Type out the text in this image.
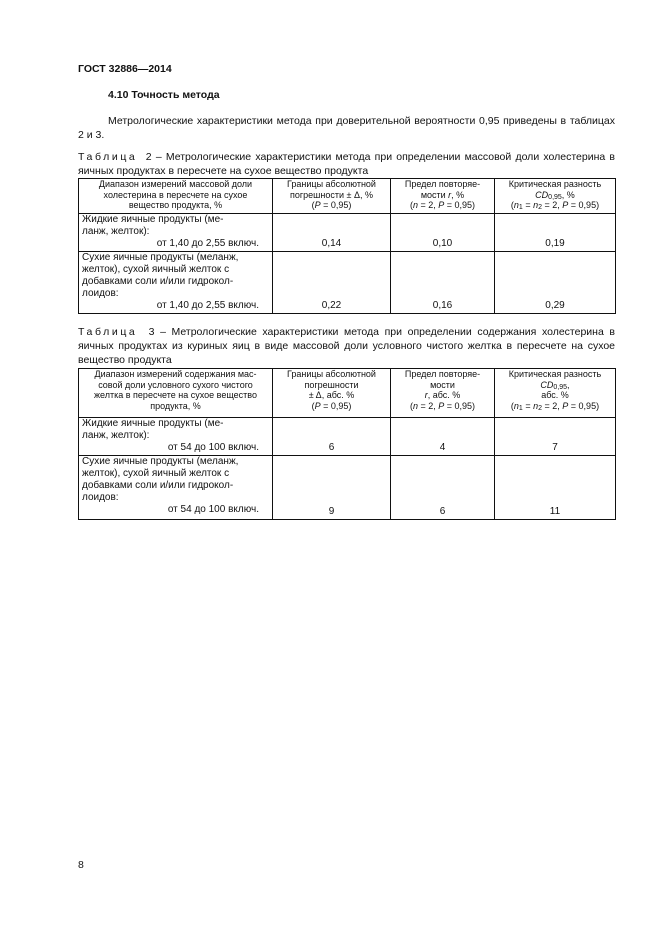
ГОСТ 32886—2014
4.10 Точность метода

Метрологические характеристики метода при доверительной вероятности 0,95 приведены в таблицах 2 и 3.

Таблица 2 – Метрологические характеристики метода при определении массовой доли холестерина в яичных продуктах в пересчете на сухое вещество продукта

Диапазон измерений массовой доли
холестерина в пересчете на сухое
вещество продукта, %	Границы абсолютной
погрешности ± Δ, %
(P = 0,95)	Предел повторяе-
мости r, %
(n = 2, P = 0,95)	Критическая разность
$CD_{0,95}$, %
($n_1 = n_2 = 2$, P = 0,95)

Жидкие яичные продукты (ме-
ланж, желток):
от 1,40 до 2,55 включ.	0,14	0,10	0,19

Сухие яичные продукты (меланж,
желток), сухой яичный желток с
добавками соли и/или гидрокол-
лоидов:
от 1,40 до 2,55 включ.	0,22	0,16	0,29

Таблица 3 – Метрологические характеристики метода при определении содержания холестерина в яичных продуктах из куриных яиц в виде массовой доли условного чистого желтка в пересчете на сухое вещество продукта

Диапазон измерений содержания мас-
совой доли условного сухого чистого
желтка в пересчете на сухое вещество
продукта, %	Границы абсолютной
погрешности
± Δ, абс. %
(P = 0,95)	Предел повторяе-
мости
r, абс. %
(n = 2, P = 0,95)	Критическая разность
$CD_{0,95}$,
абс. %
($n_1 = n_2 = 2$, P = 0,95)

Жидкие яичные продукты (ме-
ланж, желток):
от 54 до 100 включ.	6	4	7

Сухие яичные продукты (меланж,
желток), сухой яичный желток с
добавками соли и/или гидрокол-
лоидов:
от 54 до 100 включ.	9	6	11
8
